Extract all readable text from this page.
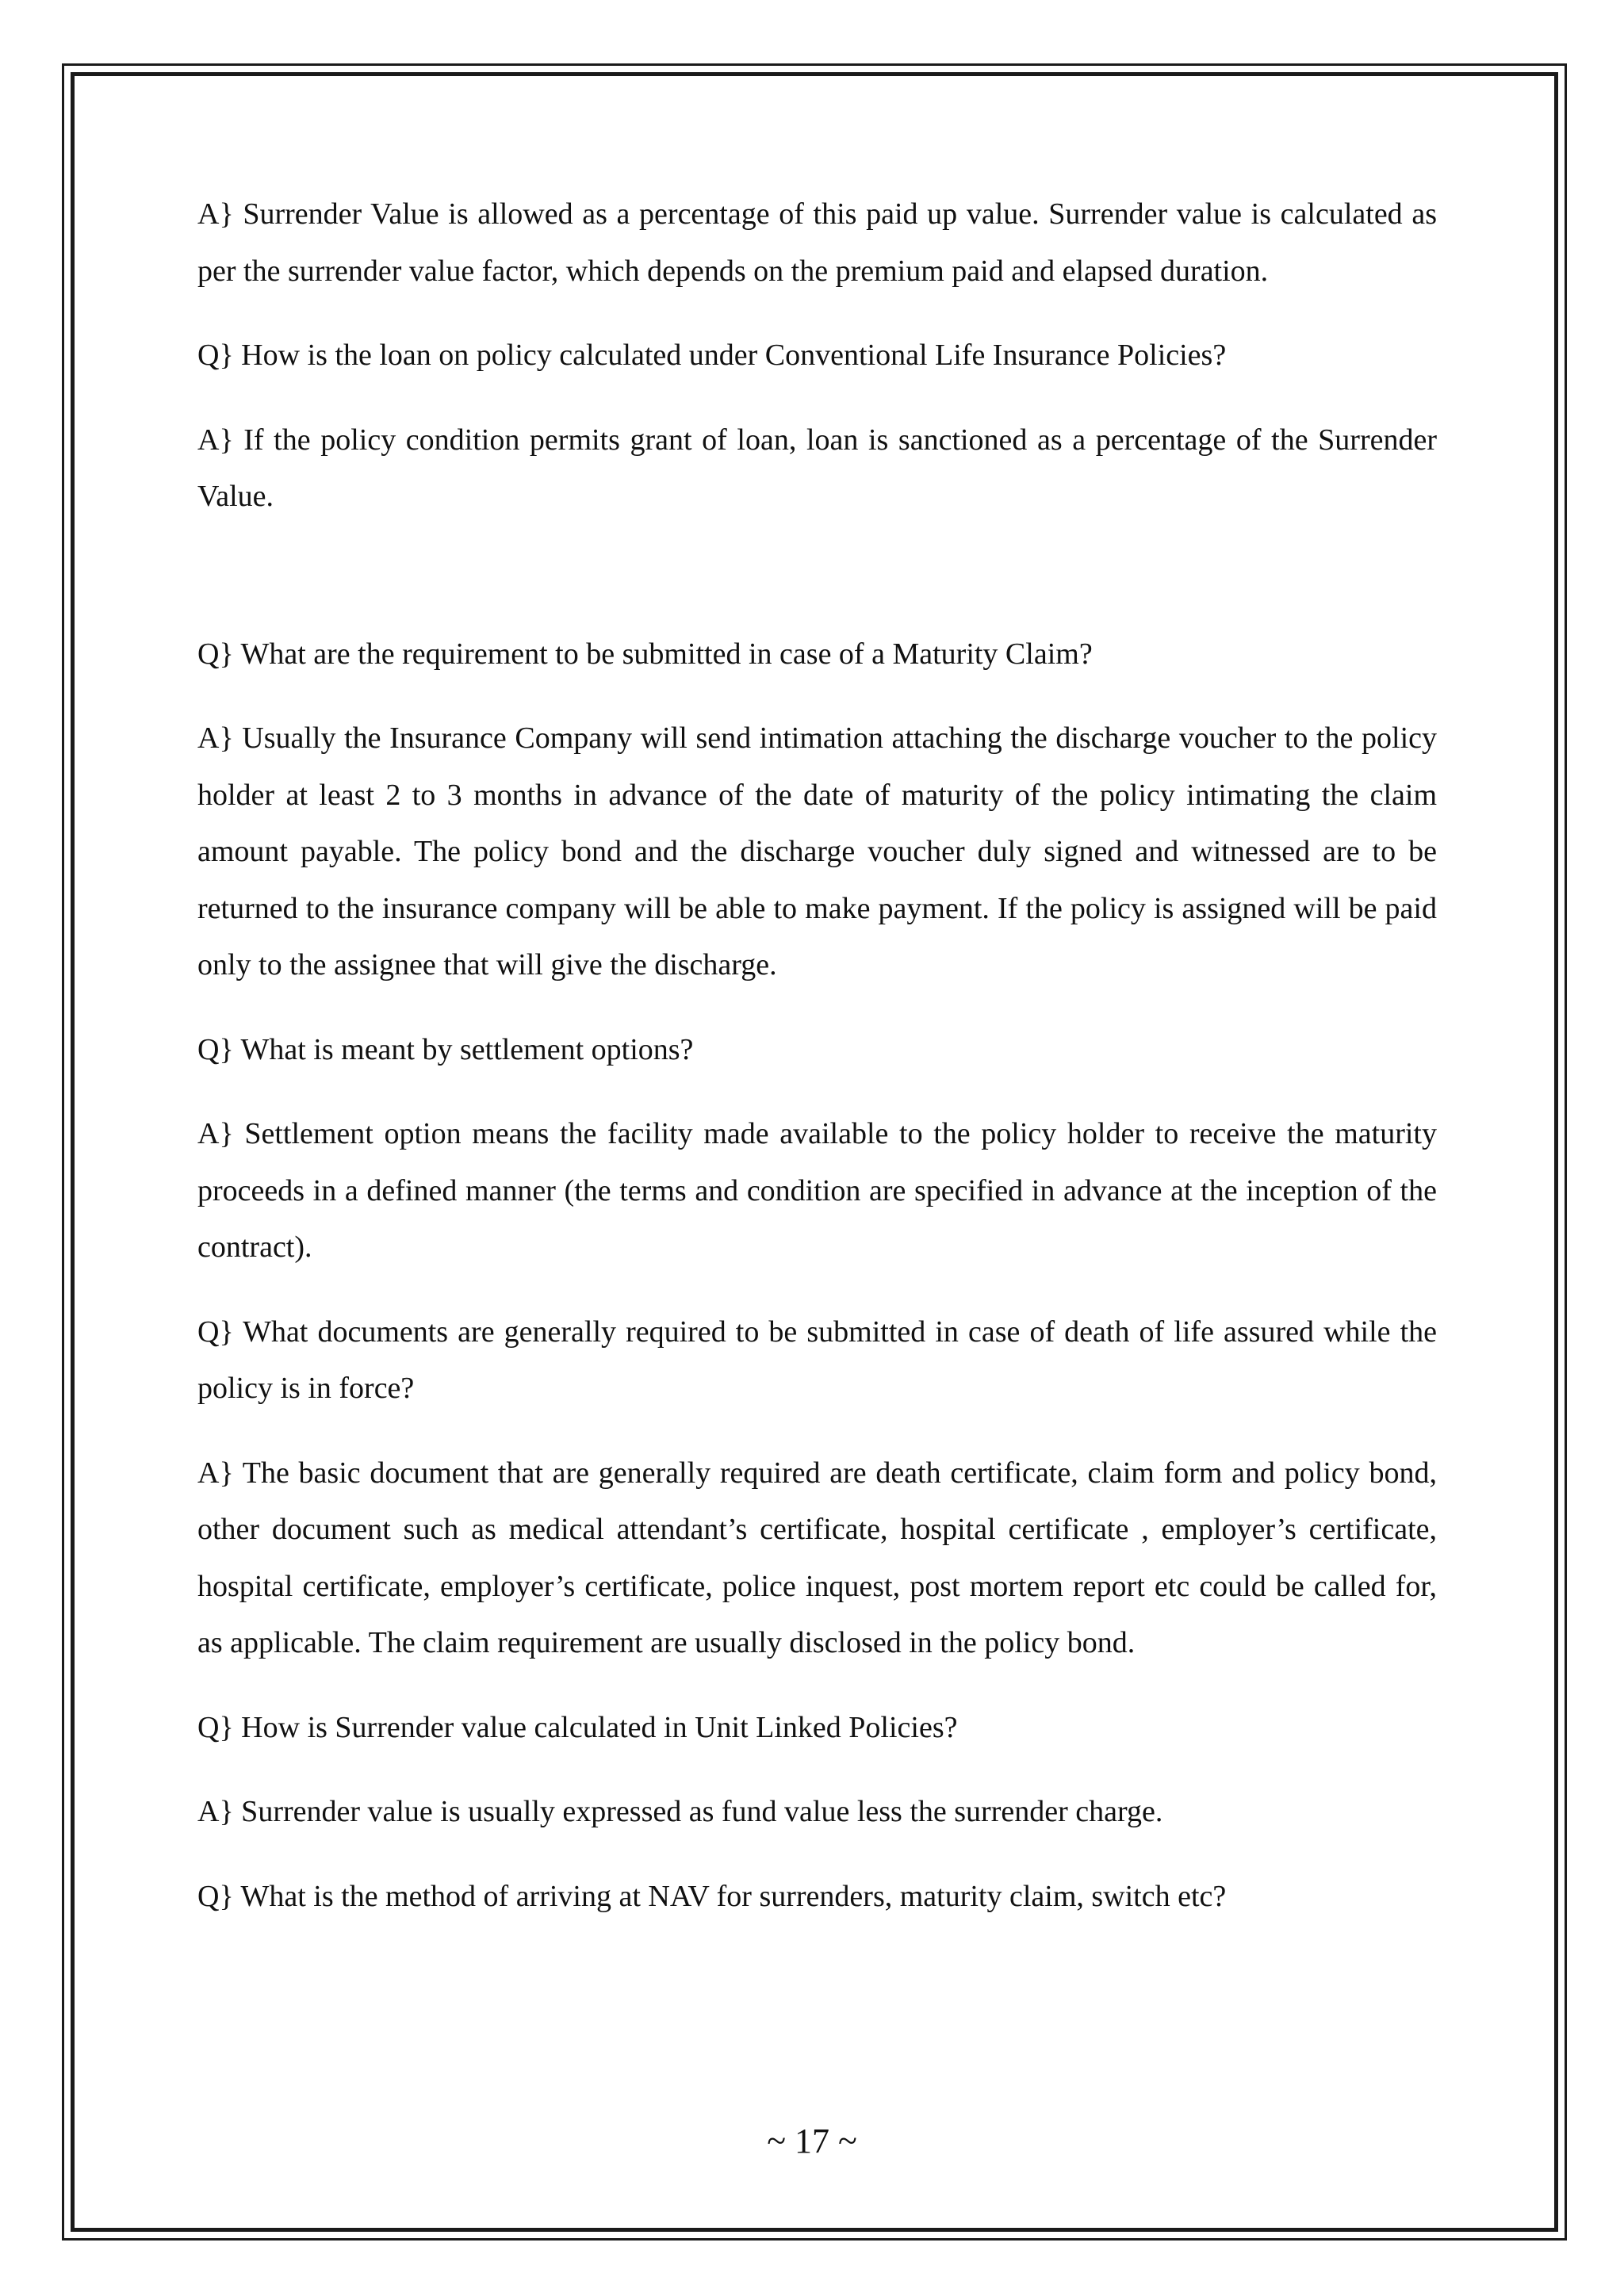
A} Surrender Value is allowed as a percentage of this paid up value. Surrender value is calculated as per the surrender value factor, which depends on the premium paid and elapsed duration.

Q} How is the loan on policy calculated under Conventional Life Insurance Policies?

A} If the policy condition permits grant of loan, loan is sanctioned as a percentage of the Surrender Value.

Q} What are the requirement to be submitted in case of a Maturity Claim?

A} Usually the Insurance Company will send intimation attaching the discharge voucher to the policy holder at least 2 to 3 months in advance of the date of maturity of the policy intimating the claim amount payable. The policy bond and the discharge voucher duly signed and witnessed are to be returned to the insurance company will be able to make payment. If the policy is assigned will be paid only to the assignee that will give the discharge.

Q} What is meant by settlement options?

A} Settlement option means the facility made available to the policy holder to receive the maturity proceeds in a defined manner (the terms and condition are specified in advance at the inception of the contract).

Q} What documents are generally required to be submitted in case of death of life assured while the policy is in force?

A} The basic document that are generally required are death certificate, claim form and policy bond, other document such as medical attendant’s certificate, hospital certificate , employer’s certificate, hospital certificate, employer’s certificate, police inquest, post mortem report etc could be called for, as applicable. The claim requirement are usually disclosed in the policy bond.

Q} How is Surrender value calculated in Unit Linked Policies?

A} Surrender value is usually expressed as fund value less the surrender charge.

Q} What is the method of arriving at NAV for surrenders, maturity claim, switch etc?

~ 17 ~
